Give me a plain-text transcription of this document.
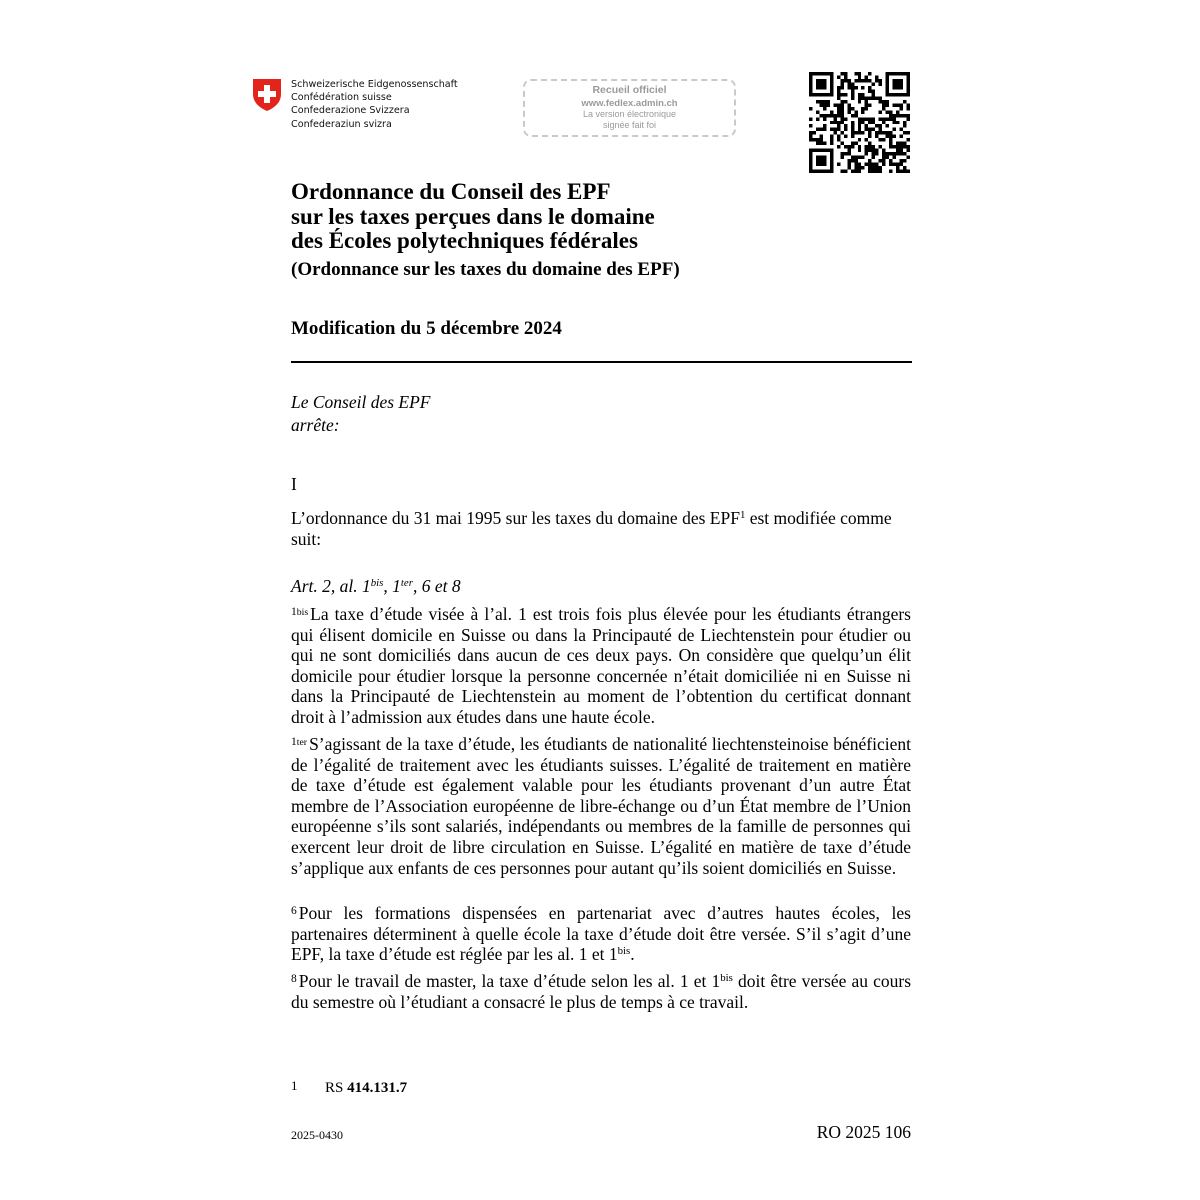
Schweizerische Eidgenossenschaft
Confédération suisse
Confederazione Svizzera
Confederaziun svizra
Recueil officiel
www.fedlex.admin.ch
La version électronique
signée fait foi
Ordonnance du Conseil des EPF
sur les taxes perçues dans le domaine
des Écoles polytechniques fédérales
(Ordonnance sur les taxes du domaine des EPF)
Modification du 5 décembre 2024
Le Conseil des EPF
arrête:
I
L’ordonnance du 31 mai 1995 sur les taxes du domaine des EPF$^1$ est modifiée comme suit:
Art. 2, al. $1^{bis}$, $1^{ter}$, 6 et 8
$^{1bis}$ La taxe d’étude visée à l’al. 1 est trois fois plus élevée pour les étudiants étrangers qui élisent domicile en Suisse ou dans la Principauté de Liechtenstein pour étudier ou qui ne sont domiciliés dans aucun de ces deux pays. On considère que quelqu’un élit domicile pour étudier lorsque la personne concernée n’était domiciliée ni en Suisse ni dans la Principauté de Liechtenstein au moment de l’obtention du certificat donnant droit à l’admission aux études dans une haute école.
$^{1ter}$ S’agissant de la taxe d’étude, les étudiants de nationalité liechtensteinoise bénéficient de l’égalité de traitement avec les étudiants suisses. L’égalité de traitement en matière de taxe d’étude est également valable pour les étudiants provenant d’un autre État membre de l’Association européenne de libre-échange ou d’un État membre de l’Union européenne s’ils sont salariés, indépendants ou membres de la famille de personnes qui exercent leur droit de libre circulation en Suisse. L’égalité en matière de taxe d’étude s’applique aux enfants de ces personnes pour autant qu’ils soient domiciliés en Suisse.
$^6$ Pour les formations dispensées en partenariat avec d’autres hautes écoles, les partenaires déterminent à quelle école la taxe d’étude doit être versée. S’il s’agit d’une EPF, la taxe d’étude est réglée par les al. 1 et $1^{bis}$.
$^8$ Pour le travail de master, la taxe d’étude selon les al. 1 et $1^{bis}$ doit être versée au cours du semestre où l’étudiant a consacré le plus de temps à ce travail.
1 RS 414.131.7
2025-0430	RO 2025 106
